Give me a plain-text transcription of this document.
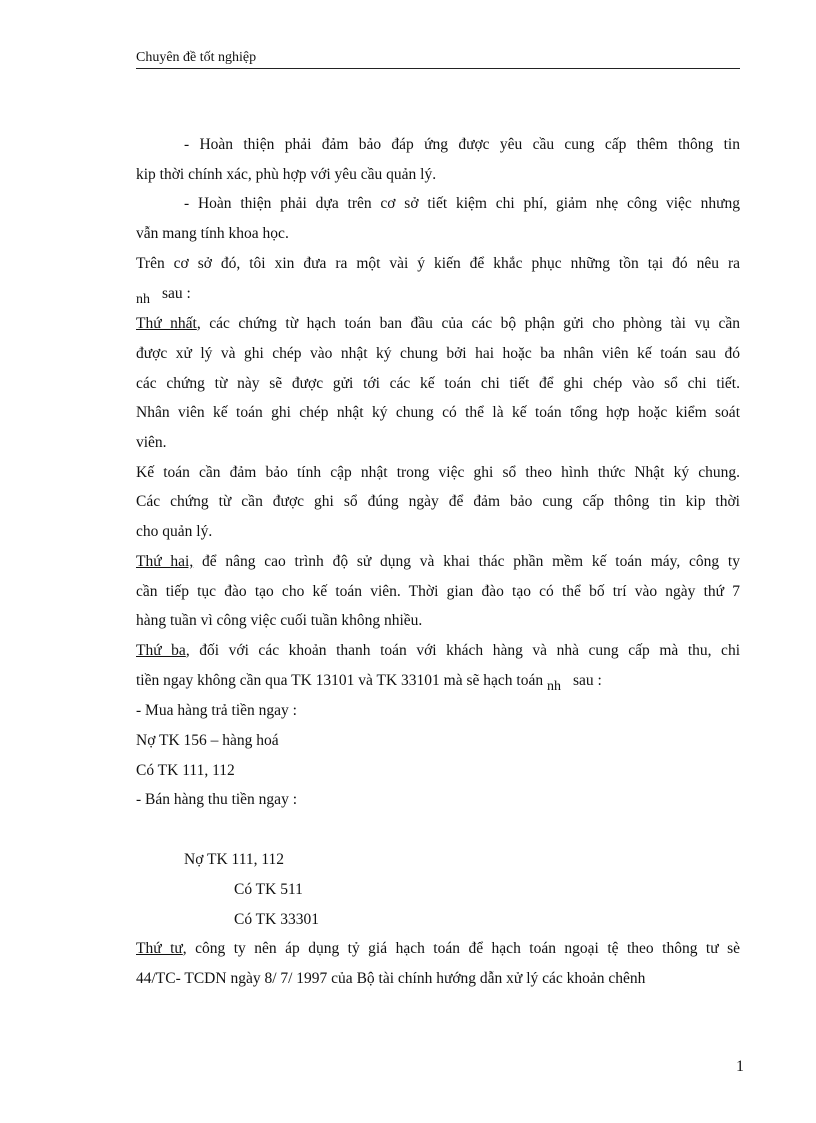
Chuyên đề tốt nghiệp

- Hoàn thiện phải đảm bảo đáp ứng được yêu cầu cung cấp thêm thông tin

kip thời chính xác, phù hợp với yêu cầu quản lý.

- Hoàn thiện phải dựa trên cơ sở tiết kiệm chi phí, giảm nhẹ công việc nhưng

vẫn mang tính khoa học.

Trên cơ sở đó, tôi xin đưa ra một vài ý kiến để khắc phục những tồn tại đó nêu ra

nh sau :

Thứ nhất, các chứng từ hạch toán ban đầu của các bộ phận gửi cho phòng tài vụ cần

được xử lý và ghi chép vào nhật ký chung bởi hai hoặc ba nhân viên kế toán sau đó

các chứng từ này sẽ được gửi tới các kế toán chi tiết để ghi chép vào sổ chi tiết.

Nhân viên kế toán ghi chép nhật ký chung có thể là kế toán tổng hợp hoặc kiểm soát

viên.

Kế toán cần đảm bảo tính cập nhật trong việc ghi sổ theo hình thức Nhật ký chung.

Các chứng từ cần được ghi sổ đúng ngày để đảm bảo cung cấp thông tin kip thời

cho quản lý.

Thứ hai, để nâng cao trình độ sử dụng và khai thác phần mềm kế toán máy, công ty

cần tiếp tục đào tạo cho kế toán viên. Thời gian đào tạo có thể bố trí vào ngày thứ 7

hàng tuần vì công việc cuối tuần không nhiều.

Thứ ba, đối với các khoản thanh toán với khách hàng và nhà cung cấp mà thu, chi

tiền ngay không cần qua TK 13101 và TK 33101 mà sẽ hạch toán nh sau :

- Mua hàng trả tiền ngay :

Nợ TK 156 – hàng hoá

Có TK 111, 112

- Bán hàng thu tiền ngay :

Nợ TK 111, 112

Có TK 511

Có TK 33301

Thứ tư, công ty nên áp dụng tỷ giá hạch toán để hạch toán ngoại tệ theo thông tư sè

44/TC- TCDN ngày 8/ 7/ 1997 của Bộ tài chính hướng dẫn xử lý các khoản chênh

1
